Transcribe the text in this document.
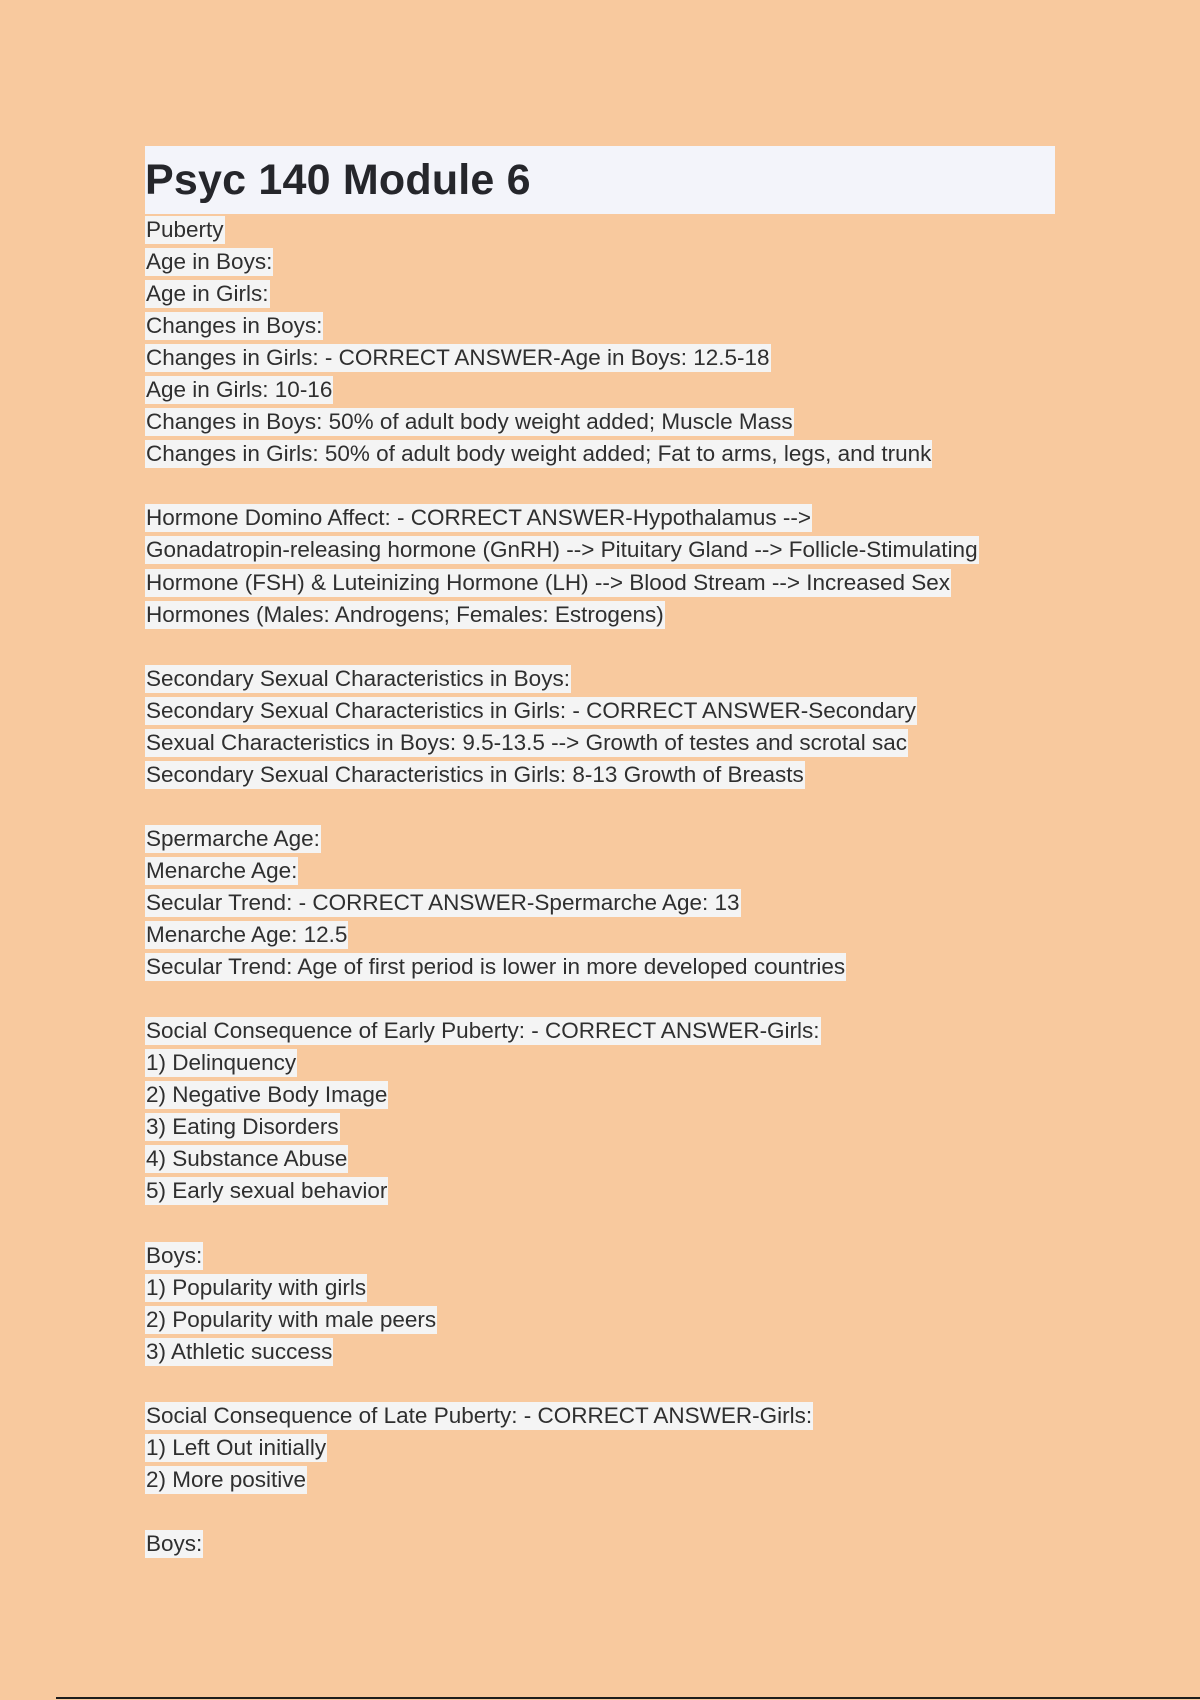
Psyc 140 Module 6
Puberty
Age in Boys:
Age in Girls:
Changes in Boys:
Changes in Girls: - CORRECT ANSWER-Age in Boys: 12.5-18
Age in Girls: 10-16
Changes in Boys: 50% of adult body weight added; Muscle Mass
Changes in Girls: 50% of adult body weight added; Fat to arms, legs, and trunk
Hormone Domino Affect: - CORRECT ANSWER-Hypothalamus -->
Gonadatropin-releasing hormone (GnRH) --> Pituitary Gland --> Follicle-Stimulating
Hormone (FSH) & Luteinizing Hormone (LH) --> Blood Stream --> Increased Sex
Hormones (Males: Androgens; Females: Estrogens)
Secondary Sexual Characteristics in Boys:
Secondary Sexual Characteristics in Girls: - CORRECT ANSWER-Secondary
Sexual Characteristics in Boys: 9.5-13.5 --> Growth of testes and scrotal sac
Secondary Sexual Characteristics in Girls: 8-13 Growth of Breasts
Spermarche Age:
Menarche Age:
Secular Trend: - CORRECT ANSWER-Spermarche Age: 13
Menarche Age: 12.5
Secular Trend: Age of first period is lower in more developed countries
Social Consequence of Early Puberty: - CORRECT ANSWER-Girls:
1) Delinquency
2) Negative Body Image
3) Eating Disorders
4) Substance Abuse
5) Early sexual behavior
Boys:
1) Popularity with girls
2) Popularity with male peers
3) Athletic success
Social Consequence of Late Puberty: - CORRECT ANSWER-Girls:
1) Left Out initially
2) More positive
Boys:
